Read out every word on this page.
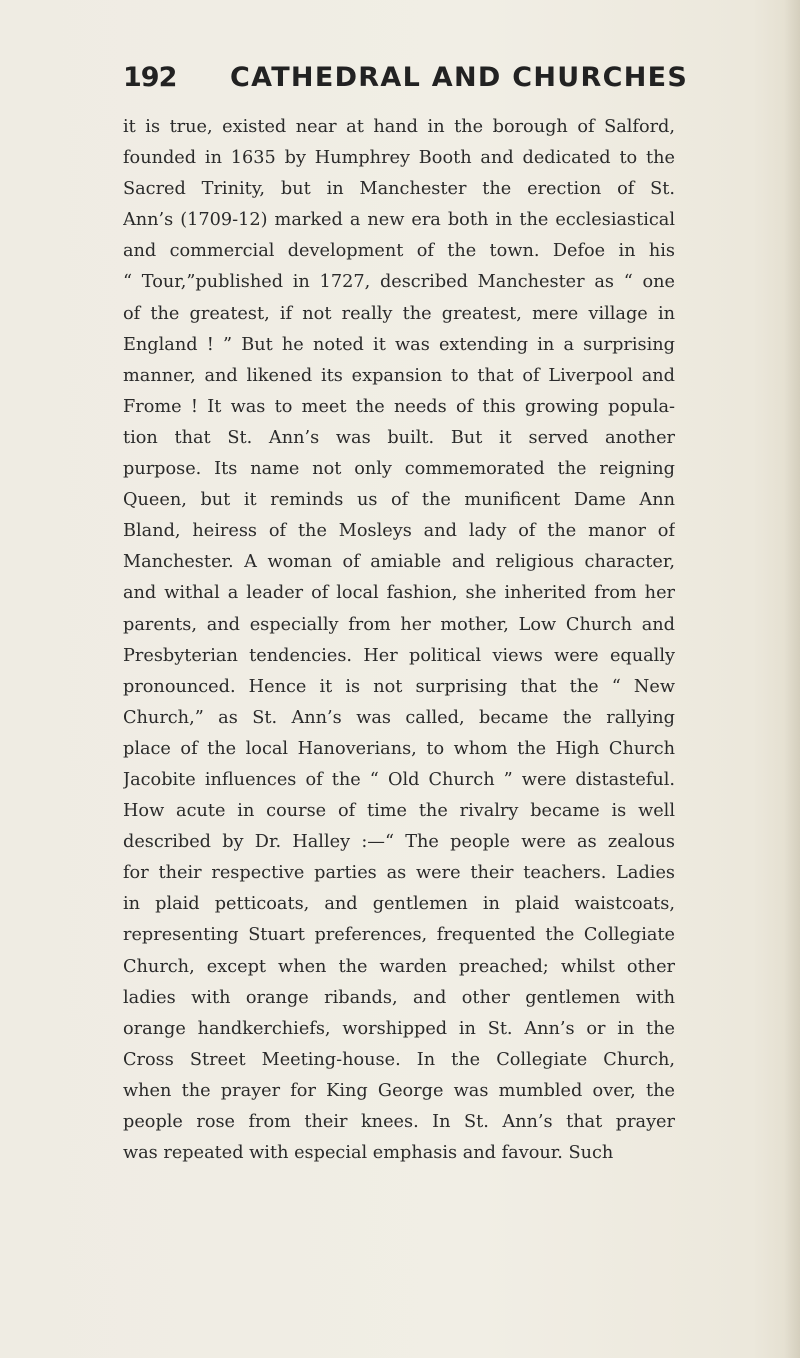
192 CATHEDRAL AND CHURCHES
it is true, existed near at hand in the borough of Salford,
founded in 1635 by Humphrey Booth and dedicated to the
Sacred Trinity, but in Manchester the erection of St.
Ann’s (1709-12) marked a new era both in the ecclesiastical
and commercial development of the town. Defoe in his
“ Tour,”published in 1727, described Manchester as “ one
of the greatest, if not really the greatest, mere village in
England ! ” But he noted it was extending in a surprising
manner, and likened its expansion to that of Liverpool and
Frome ! It was to meet the needs of this growing popula-
tion that St. Ann’s was built. But it served another
purpose. Its name not only commemorated the reigning
Queen, but it reminds us of the munificent Dame Ann
Bland, heiress of the Mosleys and lady of the manor of
Manchester. A woman of amiable and religious character,
and withal a leader of local fashion, she inherited from her
parents, and especially from her mother, Low Church and
Presbyterian tendencies. Her political views were equally
pronounced. Hence it is not surprising that the “ New
Church,” as St. Ann’s was called, became the rallying
place of the local Hanoverians, to whom the High Church
Jacobite influences of the “ Old Church ” were distasteful.
How acute in course of time the rivalry became is well
described by Dr. Halley :—“ The people were as zealous
for their respective parties as were their teachers. Ladies
in plaid petticoats, and gentlemen in plaid waistcoats,
representing Stuart preferences, frequented the Collegiate
Church, except when the warden preached; whilst other
ladies with orange ribands, and other gentlemen with
orange handkerchiefs, worshipped in St. Ann’s or in the
Cross Street Meeting-house. In the Collegiate Church,
when the prayer for King George was mumbled over, the
people rose from their knees. In St. Ann’s that prayer
was repeated with especial emphasis and favour. Such
